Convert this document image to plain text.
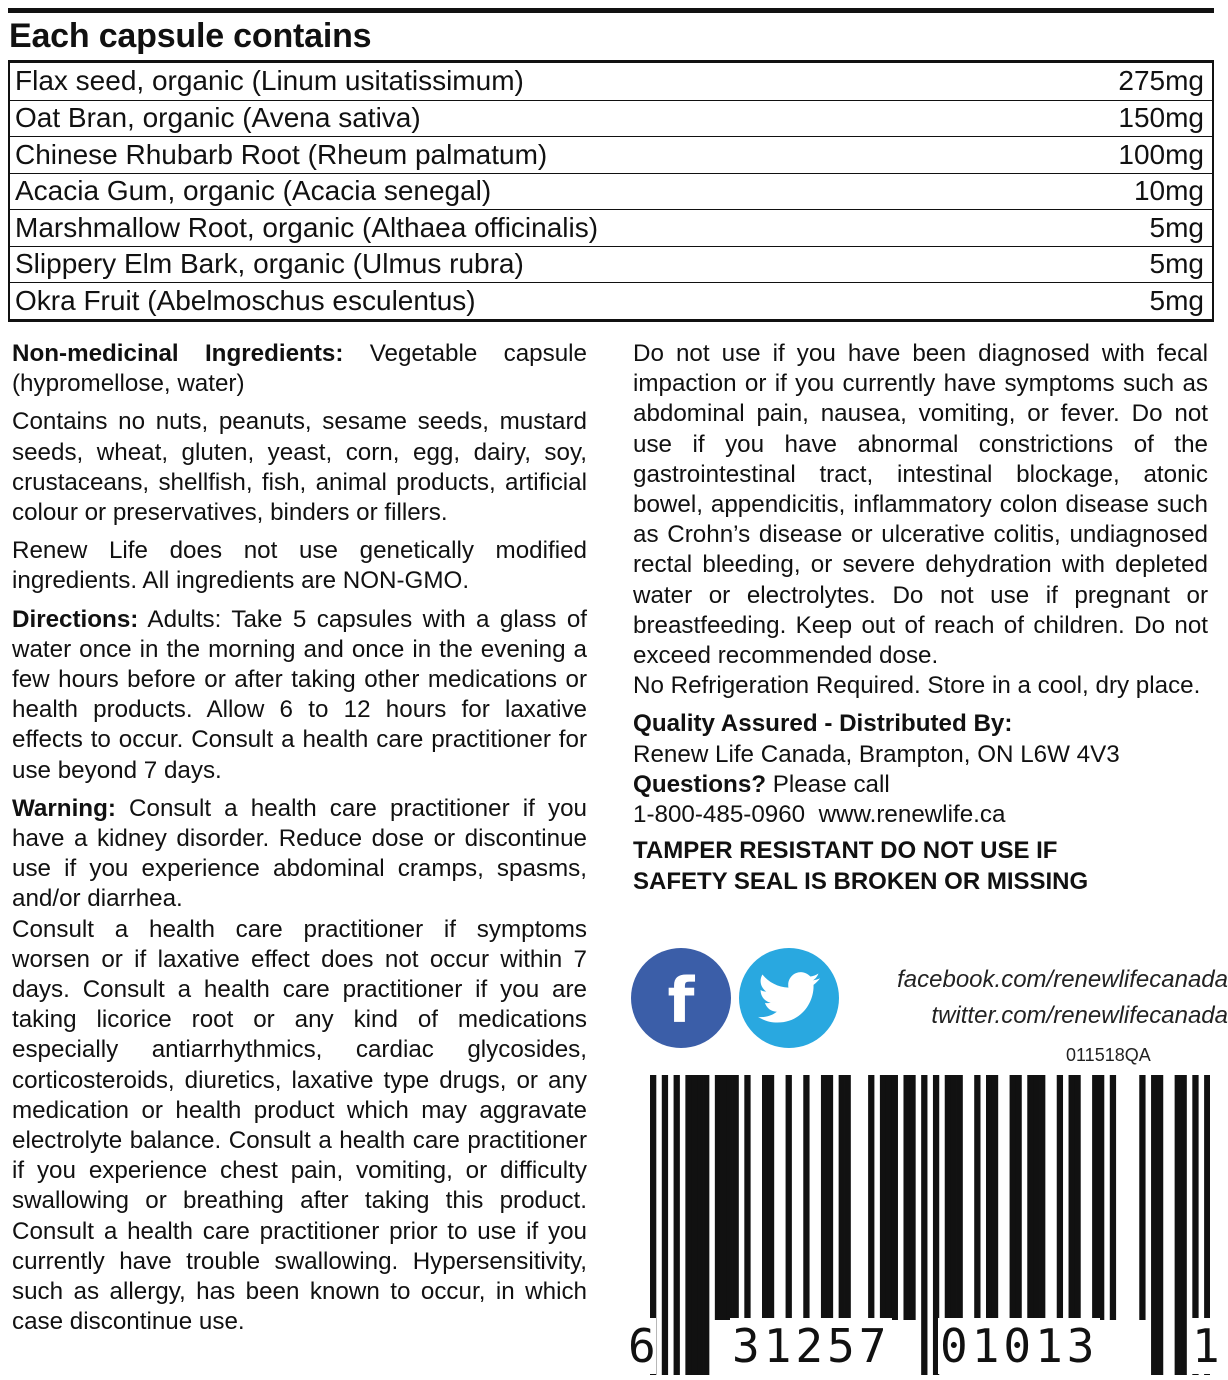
Each capsule contains
Flax seed, organic (Linum usitatissimum)	275mg
Oat Bran, organic (Avena sativa)	150mg
Chinese Rhubarb Root (Rheum palmatum)	100mg
Acacia Gum, organic (Acacia senegal)	10mg
Marshmallow Root, organic (Althaea officinalis)	5mg
Slippery Elm Bark, organic (Ulmus rubra)	5mg
Okra Fruit (Abelmoschus esculentus)	5mg

Non-medicinal Ingredients: Vegetable capsule (hypromellose, water)

Contains no nuts, peanuts, sesame seeds, mustard seeds, wheat, gluten, yeast, corn, egg, dairy, soy, crustaceans, shellfish, fish, animal products, artificial colour or preservatives, binders or fillers.

Renew Life does not use genetically modified ingredients. All ingredients are NON-GMO.

Directions: Adults: Take 5 capsules with a glass of water once in the morning and once in the evening a few hours before or after taking other medications or health products. Allow 6 to 12 hours for laxative effects to occur. Consult a health care practitioner for use beyond 7 days.

Warning: Consult a health care practitioner if you have a kidney disorder. Reduce dose or discontinue use if you experience abdominal cramps, spasms, and/or diarrhea.

Consult a health care practitioner if symptoms worsen or if laxative effect does not occur within 7 days. Consult a health care practitioner if you are taking licorice root or any kind of medications especially antiarrhythmics, cardiac glycosides, corticosteroids, diuretics, laxative type drugs, or any medication or health product which may aggravate electrolyte balance. Consult a health care practitioner if you experience chest pain, vomiting, or difficulty swallowing or breathing after taking this product. Consult a health care practitioner prior to use if you currently have trouble swallowing. Hypersensitivity, such as allergy, has been known to occur, in which case discontinue use.

Do not use if you have been diagnosed with fecal impaction or if you currently have symptoms such as abdominal pain, nausea, vomiting, or fever. Do not use if you have abnormal constrictions of the gastrointestinal tract, intestinal blockage, atonic bowel, appendicitis, inflammatory colon disease such as Crohn’s disease or ulcerative colitis, undiagnosed rectal bleeding, or severe dehydration with depleted water or electrolytes. Do not use if pregnant or breastfeeding. Keep out of reach of children. Do not exceed recommended dose.

No Refrigeration Required. Store in a cool, dry place.

Quality Assured - Distributed By:
Renew Life Canada, Brampton, ON L6W 4V3
Questions? Please call
1-800-485-0960  www.renewlife.ca
TAMPER RESISTANT DO NOT USE IF
SAFETY SEAL IS BROKEN OR MISSING
f	facebook.com/renewlifecanada
twitter.com/renewlifecanada
011518QA
6 31257 01013 1
